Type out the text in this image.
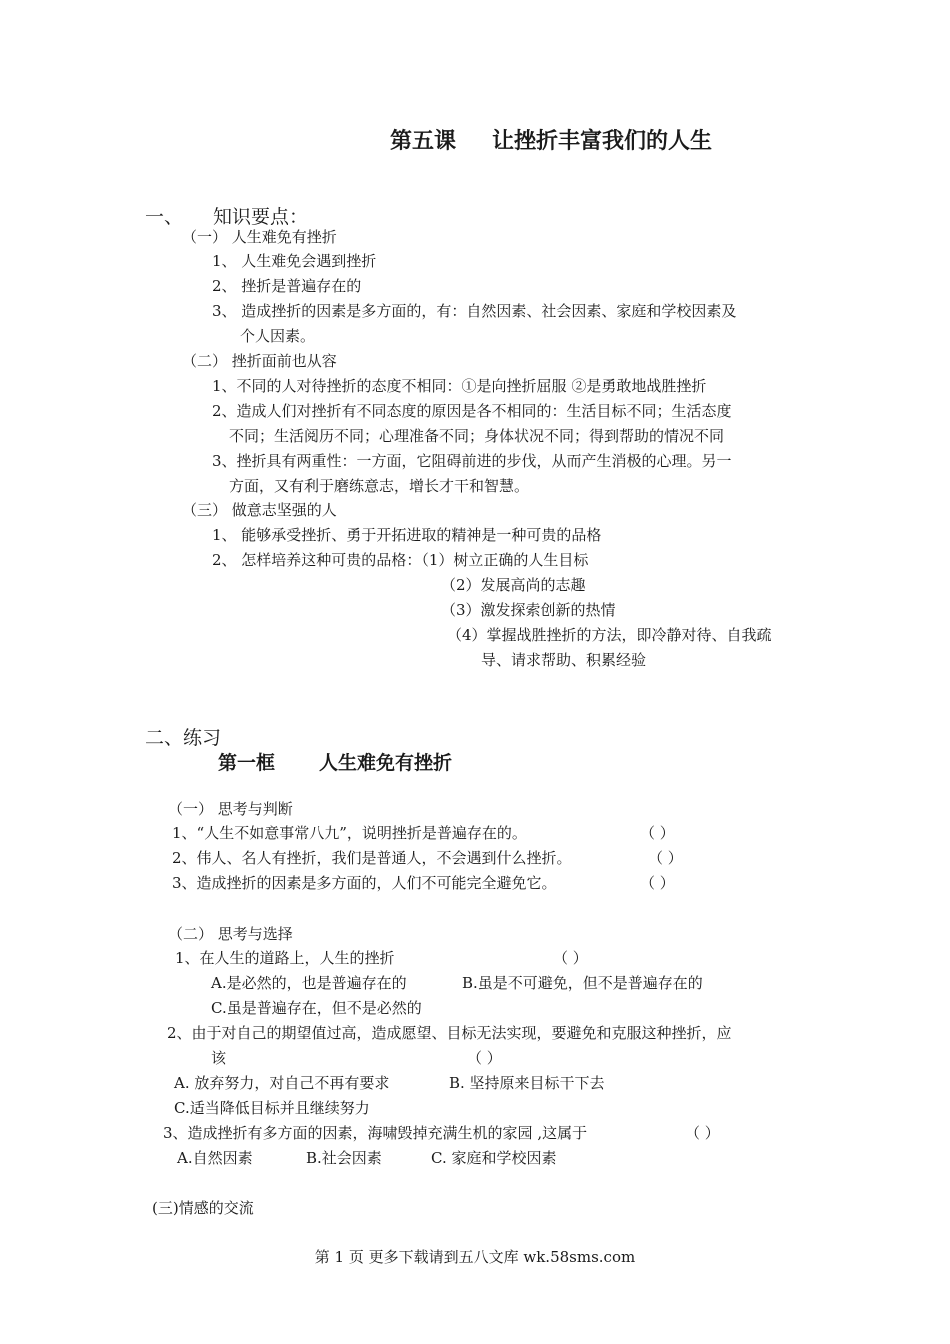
第五课 让挫折丰富我们的人生
一、 知识要点：
（一） 人生难免有挫折
1、 人生难免会遇到挫折
2、 挫折是普遍存在的
3、 造成挫折的因素是多方面的，有：自然因素、社会因素、家庭和学校因素及
个人因素。
（二） 挫折面前也从容
1、不同的人对待挫折的态度不相同：①是向挫折屈服 ②是勇敢地战胜挫折
2、造成人们对挫折有不同态度的原因是各不相同的：生活目标不同；生活态度
不同；生活阅历不同；心理准备不同；身体状况不同；得到帮助的情况不同
3、挫折具有两重性：一方面，它阻碍前进的步伐，从而产生消极的心理。另一
方面，又有利于磨练意志，增长才干和智慧。
（三） 做意志坚强的人
1、 能够承受挫折、勇于开拓进取的精神是一种可贵的品格
2、 怎样培养这种可贵的品格：（1）树立正确的人生目标
（2）发展高尚的志趣
（3）激发探索创新的热情
（4）掌握战胜挫折的方法，即冷静对待、自我疏
导、请求帮助、积累经验
二、练习
第一框 人生难免有挫折
（一） 思考与判断
1、“人生不如意事常八九”，说明挫折是普遍存在的。	（ ）
2、伟人、名人有挫折，我们是普通人，不会遇到什么挫折。	（ ）
3、造成挫折的因素是多方面的，人们不可能完全避免它。	（ ）
（二） 思考与选择
1、在人生的道路上，人生的挫折	（ ）
A.是必然的，也是普遍存在的	B.虽是不可避免，但不是普遍存在的
C.虽是普遍存在，但不是必然的
2、由于对自己的期望值过高，造成愿望、目标无法实现，要避免和克服这种挫折，应
该	（ ）
A. 放弃努力，对自己不再有要求	B. 坚持原来目标干下去
C.适当降低目标并且继续努力
3、造成挫折有多方面的因素，海啸毁掉充满生机的家园 ,这属于	（ ）
A.自然因素	B.社会因素	C. 家庭和学校因素
(三)情感的交流
第 1 页 更多下载请到五八文库 wk.58sms.com
